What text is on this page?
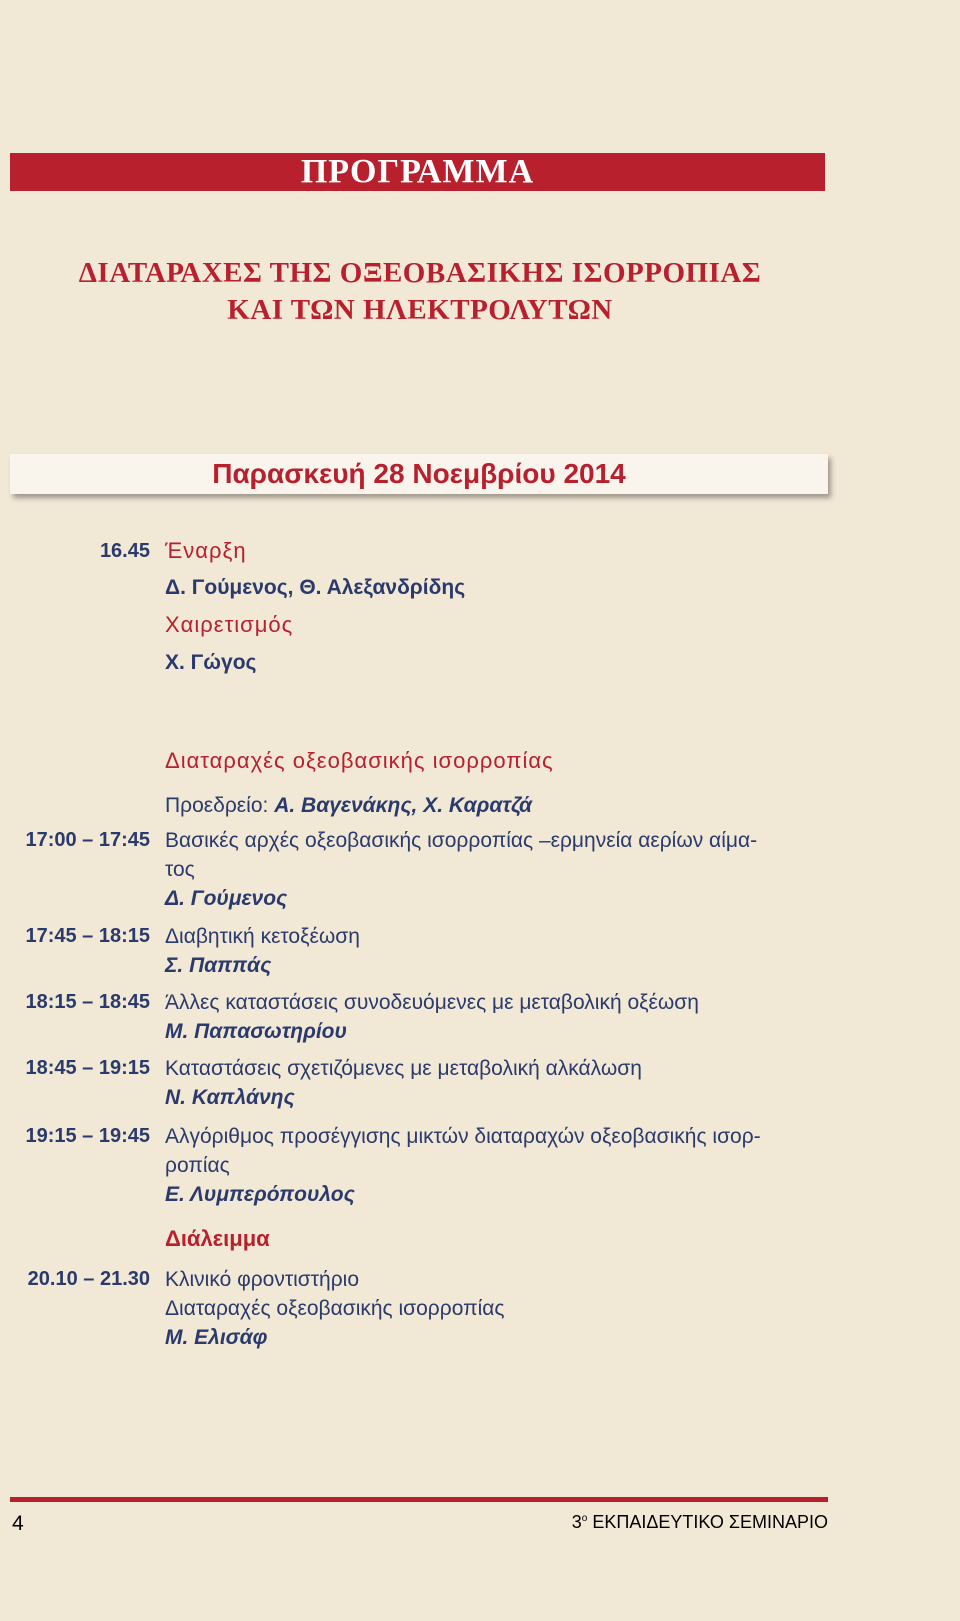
ΠΡΟΓΡΑΜΜΑ
ΔΙΑΤΑΡΑΧΕΣ ΤΗΣ ΟΞΕΟΒΑΣΙΚΗΣ ΙΣΟΡΡΟΠΙΑΣ
ΚΑΙ ΤΩΝ ΗΛΕΚΤΡΟΛΥΤΩΝ
Παρασκευή 28 Νοεμβρίου 2014
16.45 Έναρξη
Δ. Γούμενος, Θ. Αλεξανδρίδης
Χαιρετισμός
Χ. Γώγος
Διαταραχές οξεοβασικής ισορροπίας
Προεδρείο: Α. Βαγενάκης, Χ. Καρατζά
17:00 – 17:45 Βασικές αρχές οξεοβασικής ισορροπίας –ερμηνεία αερίων αίμα-
τος
Δ. Γούμενος
17:45 – 18:15 Διαβητική κετοξέωση
Σ. Παππάς
18:15 – 18:45 Άλλες καταστάσεις συνοδευόμενες με μεταβολική οξέωση
Μ. Παπασωτηρίου
18:45 – 19:15 Καταστάσεις σχετιζόμενες με μεταβολική αλκάλωση
Ν. Καπλάνης
19:15 – 19:45 Αλγόριθμος προσέγγισης μικτών διαταραχών οξεοβασικής ισορ-
ροπίας
Ε. Λυμπερόπουλος
Διάλειμμα
20.10 – 21.30 Κλινικό φροντιστήριο
Διαταραχές οξεοβασικής ισορροπίας
Μ. Ελισάφ
4	$3^o$ ΕΚΠΑΙΔΕΥΤΙΚΟ ΣΕΜΙΝΑΡΙΟ
